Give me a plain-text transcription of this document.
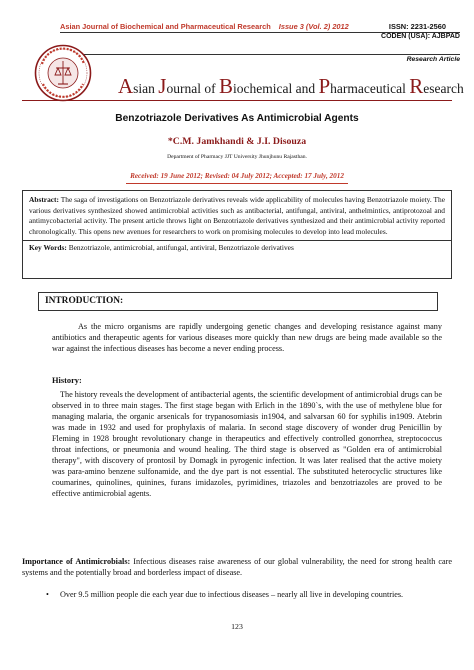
Asian Journal of Biochemical and Pharmaceutical Research Issue 3 (Vol. 2) 2012	ISSN: 2231-2560
CODEN (USA): AJBPAD
Research Article
Asian Journal of Biochemical and Pharmaceutical Research
Benzotriazole Derivatives As Antimicrobial Agents
*C.M. Jamkhandi & J.I. Disouza
Department of Pharmacy JJT University Jhunjhunu Rajasthan.
Received: 19 June 2012; Revised: 04 July 2012; Accepted: 17 July, 2012
Abstract: The saga of investigations on Benzotriazole derivatives reveals wide applicability of molecules having Benzotriazole moiety. The various derivatives synthesized showed antimicrobial activities such as antibacterial, antifungal, antiviral, anthelmintics, antiprotozoal and antimycobacterial activity. The present article throws light on Benzotriazole derivatives synthesized and their antimicrobial activity reported chronologically. This opens new avenues for researchers to work on promising molecules to develop into lead molecules.
Key Words: Benzotriazole, antimicrobial, antifungal, antiviral, Benzotriazole derivatives
INTRODUCTION:
As the micro organisms are rapidly undergoing genetic changes and developing resistance against many antibiotics and therapeutic agents for various diseases more quickly than new drugs are being made available so the war against the infectious diseases has become a never ending process.
History:
The history reveals the development of antibacterial agents, the scientific development of antimicrobial drugs can be observed in to three main stages. The first stage began with Erlich in the 1890`s, with the use of methylene blue for managing malaria, the organic arsenicals for trypanosomiasis in1904, and salvarsan 60 for syphilis in1909. Atebrin was made in 1932 and used for prophylaxis of malaria. In second stage discovery of wonder drug Penicillin by Fleming in 1928 brought revolutionary change in therapeutics and effectively controlled gonorrhea, streptococcus throat infections, or pneumonia and wound healing. The third stage is observed as "Golden era of antimicrobial therapy", with discovery of prontosil by Domagk in pyrogenic infection. It was later realised that the active moiety was para-amino benzene sulfonamide, and the dye part is not essential. The substituted heterocyclic structures like coumarines, quinolines, quinines, furans imidazoles, pyrimidines, triazoles and benzotriazoles are proved to be effective antimicrobial agents.
Importance of Antimicrobials: Infectious diseases raise awareness of our global vulnerability, the need for strong health care systems and the potentially broad and borderless impact of disease.
• Over 9.5 million people die each year due to infectious diseases – nearly all live in developing countries.
123
